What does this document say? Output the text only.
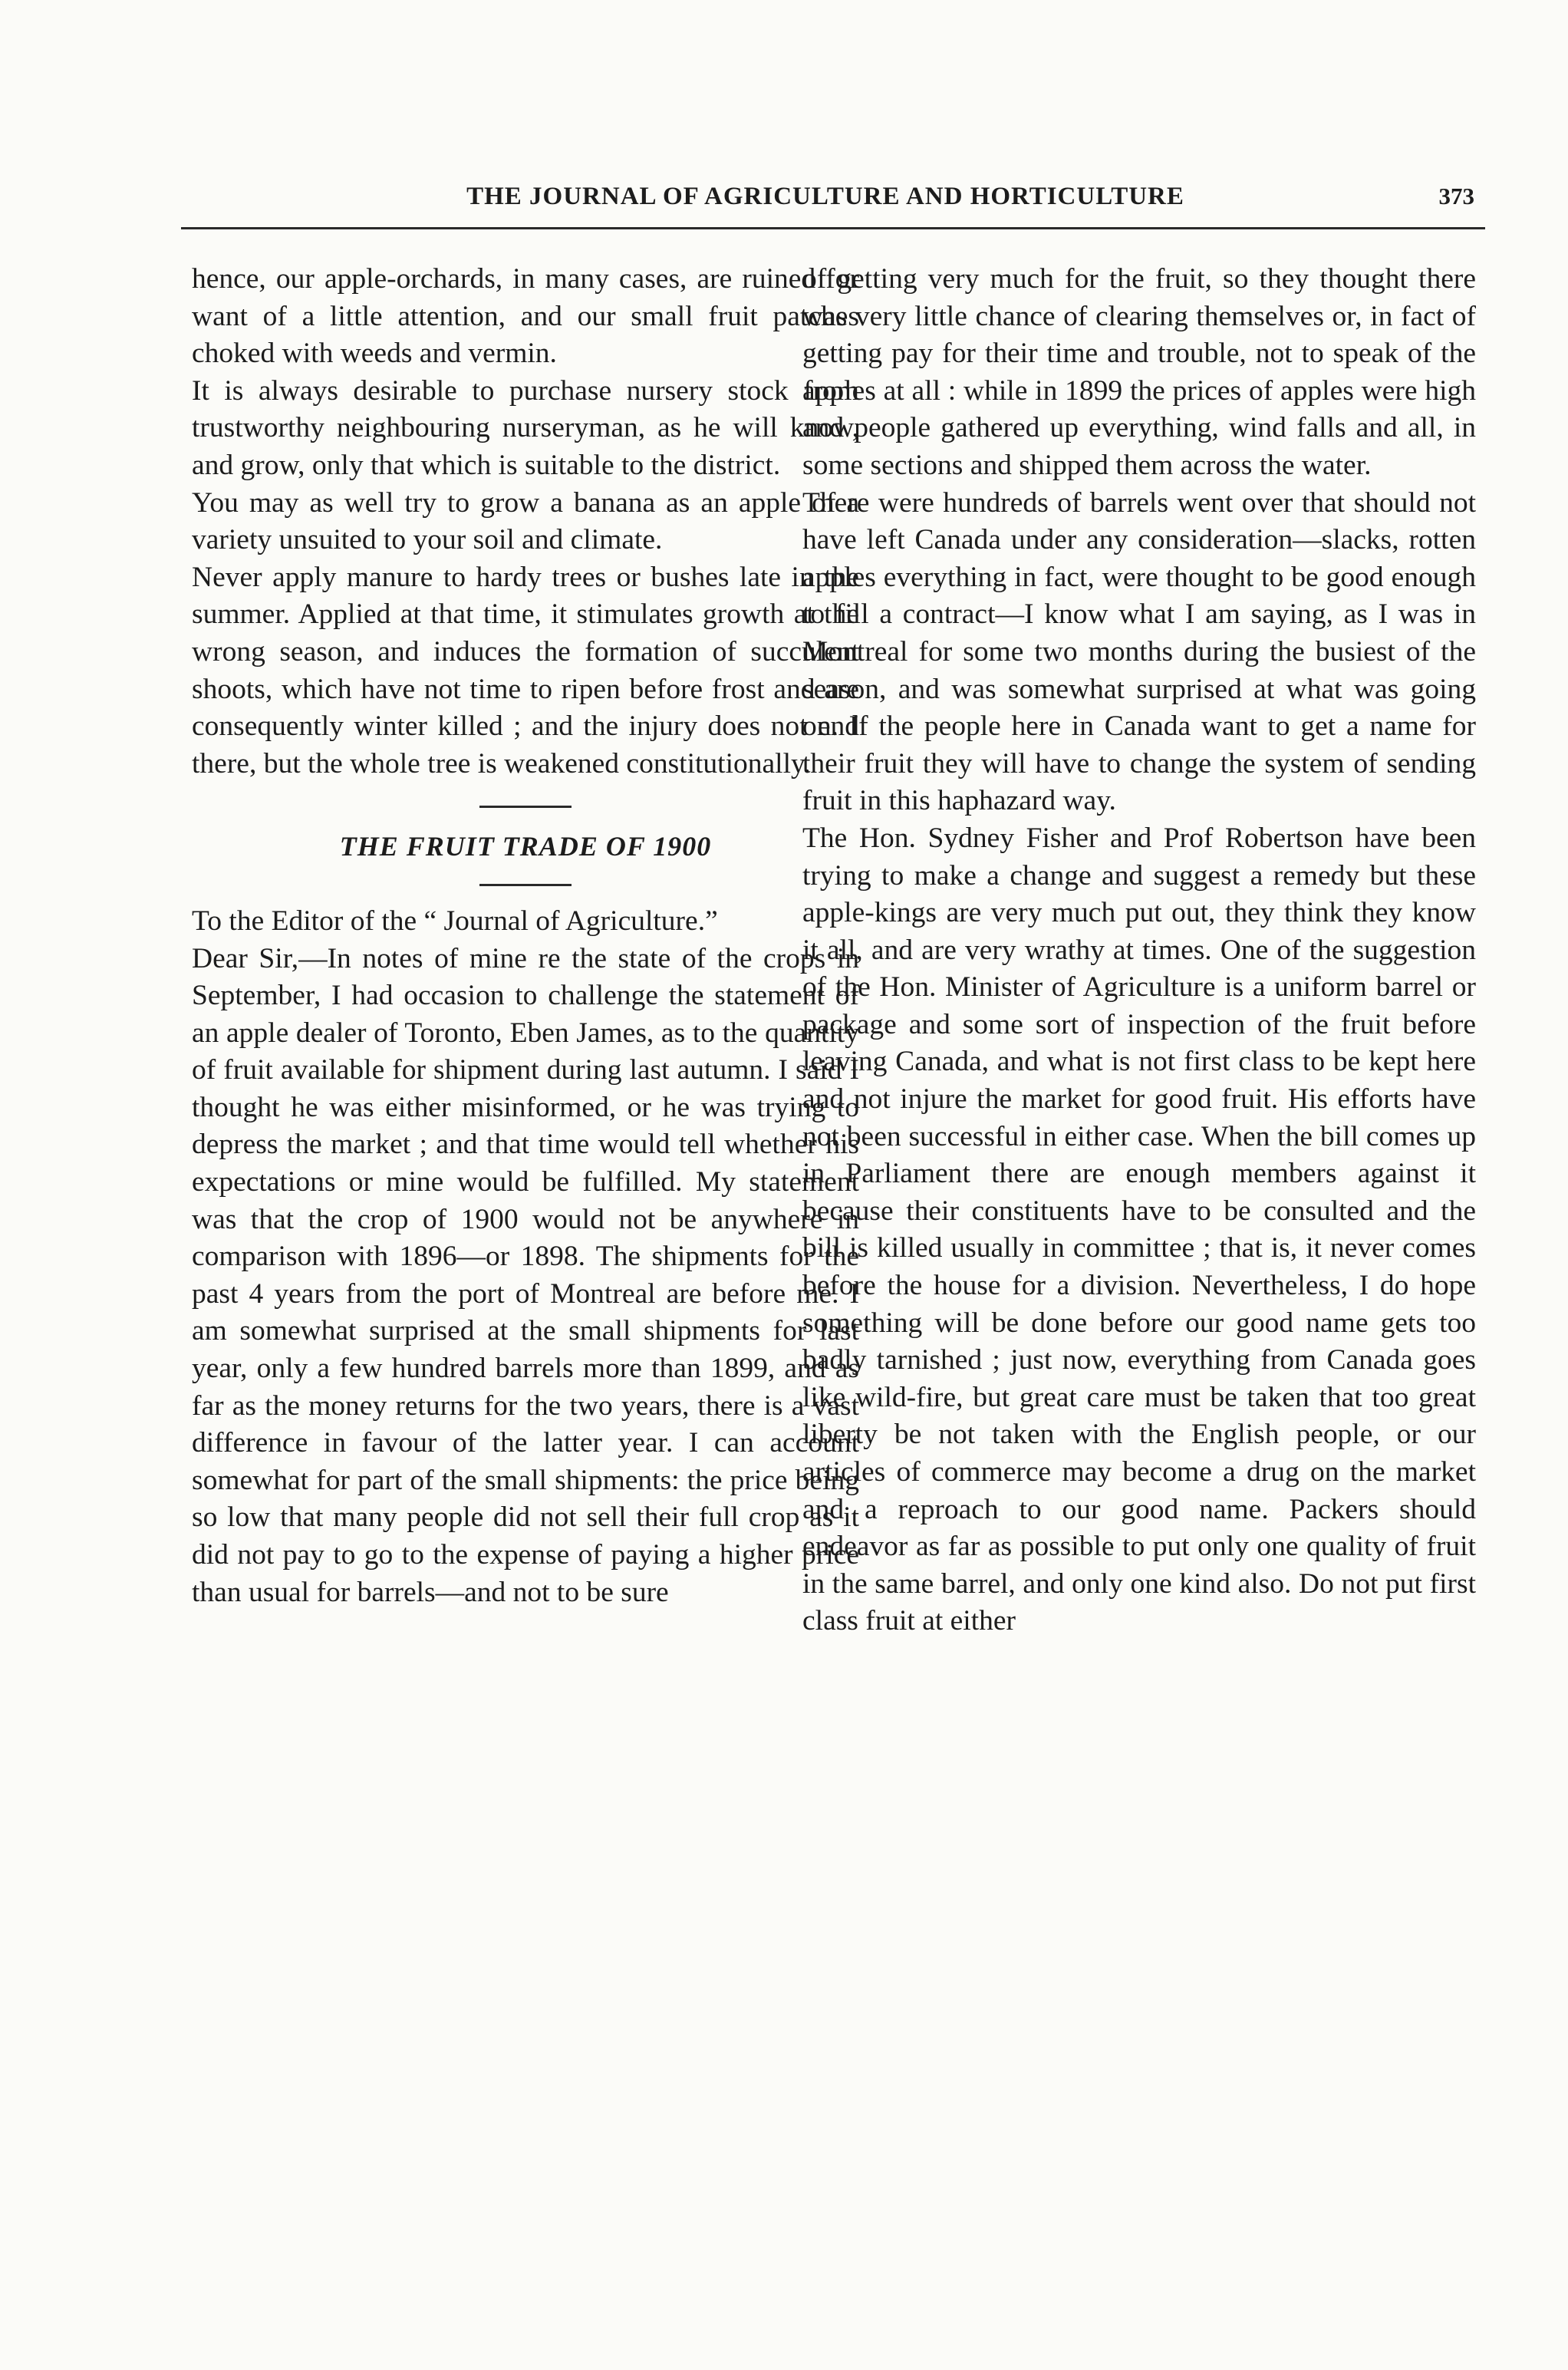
THE JOURNAL OF AGRICULTURE AND HORTICULTURE	373

hence, our apple-orchards, in many cases, are ruined for want of a little attention, and our small fruit patches choked with weeds and vermin.

It is always desirable to purchase nursery stock from trustworthy neighbouring nurseryman, as he will know, and grow, only that which is suitable to the district.

You may as well try to grow a banana as an apple of a variety unsuited to your soil and climate.

Never apply manure to hardy trees or bushes late in the summer. Applied at that time, it stimulates growth at the wrong season, and induces the formation of succulent shoots, which have not time to ripen before frost and are consequently winter killed ; and the injury does not end there, but the whole tree is weakened constitutionally.

THE FRUIT TRADE OF 1900

To the Editor of the “ Journal of Agriculture.”

Dear Sir,—In notes of mine re the state of the crops in September, I had occasion to challenge the statement of an apple dealer of Toronto, Eben James, as to the quantity of fruit available for shipment during last autumn. I said I thought he was either misinformed, or he was trying to depress the market ; and that time would tell whether his expectations or mine would be fulfilled. My statement was that the crop of 1900 would not be anywhere in comparison with 1896—or 1898. The shipments for the past 4 years from the port of Montreal are before me. I am somewhat surprised at the small shipments for last year, only a few hundred barrels more than 1899, and as far as the money returns for the two years, there is a vast difference in favour of the latter year. I can account somewhat for part of the small shipments: the price being so low that many people did not sell their full crop as it did not pay to go to the expense of paying a higher price than usual for barrels—and not to be sure

of getting very much for the fruit, so they thought there was very little chance of clearing themselves or, in fact of getting pay for their time and trouble, not to speak of the apples at all : while in 1899 the prices of apples were high and people gathered up everything, wind falls and all, in some sections and shipped them across the water.

There were hundreds of barrels went over that should not have left Canada under any consideration—slacks, rotten apples everything in fact, were thought to be good enough to fill a contract—I know what I am saying, as I was in Montreal for some two months during the busiest of the season, and was somewhat surprised at what was going on. If the people here in Canada want to get a name for their fruit they will have to change the system of sending fruit in this haphazard way.

The Hon. Sydney Fisher and Prof Robertson have been trying to make a change and suggest a remedy but these apple-kings are very much put out, they think they know it all, and are very wrathy at times. One of the suggestion of the Hon. Minister of Agriculture is a uniform barrel or package and some sort of inspection of the fruit before leaving Canada, and what is not first class to be kept here and not injure the market for good fruit. His efforts have not been successful in either case. When the bill comes up in Parliament there are enough members against it because their constituents have to be consulted and the bill is killed usually in committee ; that is, it never comes before the house for a division. Nevertheless, I do hope something will be done before our good name gets too badly tarnished ; just now, everything from Canada goes like wild-fire, but great care must be taken that too great liberty be not taken with the English people, or our articles of commerce may become a drug on the market and a reproach to our good name. Packers should endeavor as far as possible to put only one quality of fruit in the same barrel, and only one kind also. Do not put first class fruit at either
